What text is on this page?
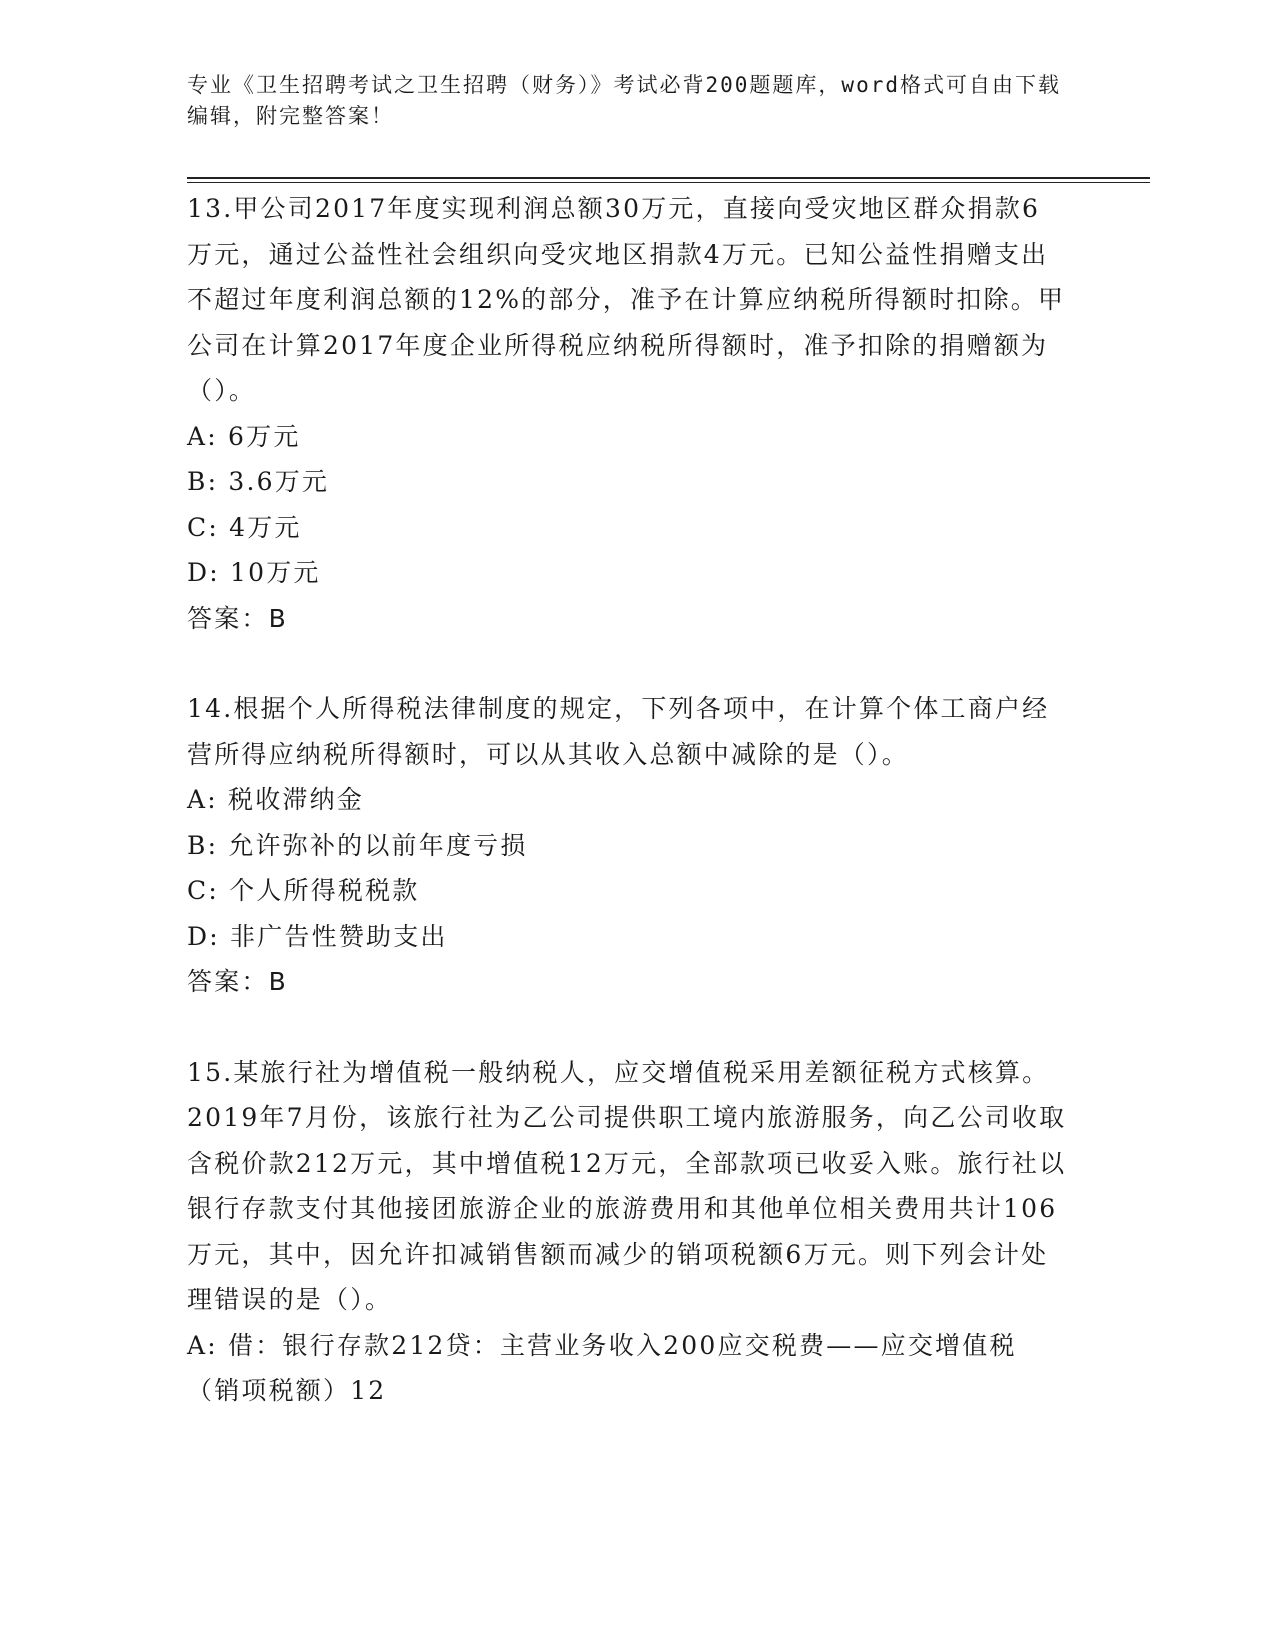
专业《卫生招聘考试之卫生招聘（财务）》考试必背200题题库，word格式可自由下载编辑，附完整答案！
13.甲公司2017年度实现利润总额30万元，直接向受灾地区群众捐款6万元，通过公益性社会组织向受灾地区捐款4万元。已知公益性捐赠支出不超过年度利润总额的12%的部分，准予在计算应纳税所得额时扣除。甲公司在计算2017年度企业所得税应纳税所得额时，准予扣除的捐赠额为（）。
A: 6万元
B: 3.6万元
C: 4万元
D: 10万元
答案：B
14.根据个人所得税法律制度的规定，下列各项中，在计算个体工商户经营所得应纳税所得额时，可以从其收入总额中减除的是（）。
A: 税收滞纳金
B: 允许弥补的以前年度亏损
C: 个人所得税税款
D: 非广告性赞助支出
答案：B
15.某旅行社为增值税一般纳税人，应交增值税采用差额征税方式核算。2019年7月份，该旅行社为乙公司提供职工境内旅游服务，向乙公司收取含税价款212万元，其中增值税12万元，全部款项已收妥入账。旅行社以银行存款支付其他接团旅游企业的旅游费用和其他单位相关费用共计106万元，其中，因允许扣减销售额而减少的销项税额6万元。则下列会计处理错误的是（）。
A: 借：银行存款212贷：主营业务收入200应交税费——应交增值税（销项税额）12
